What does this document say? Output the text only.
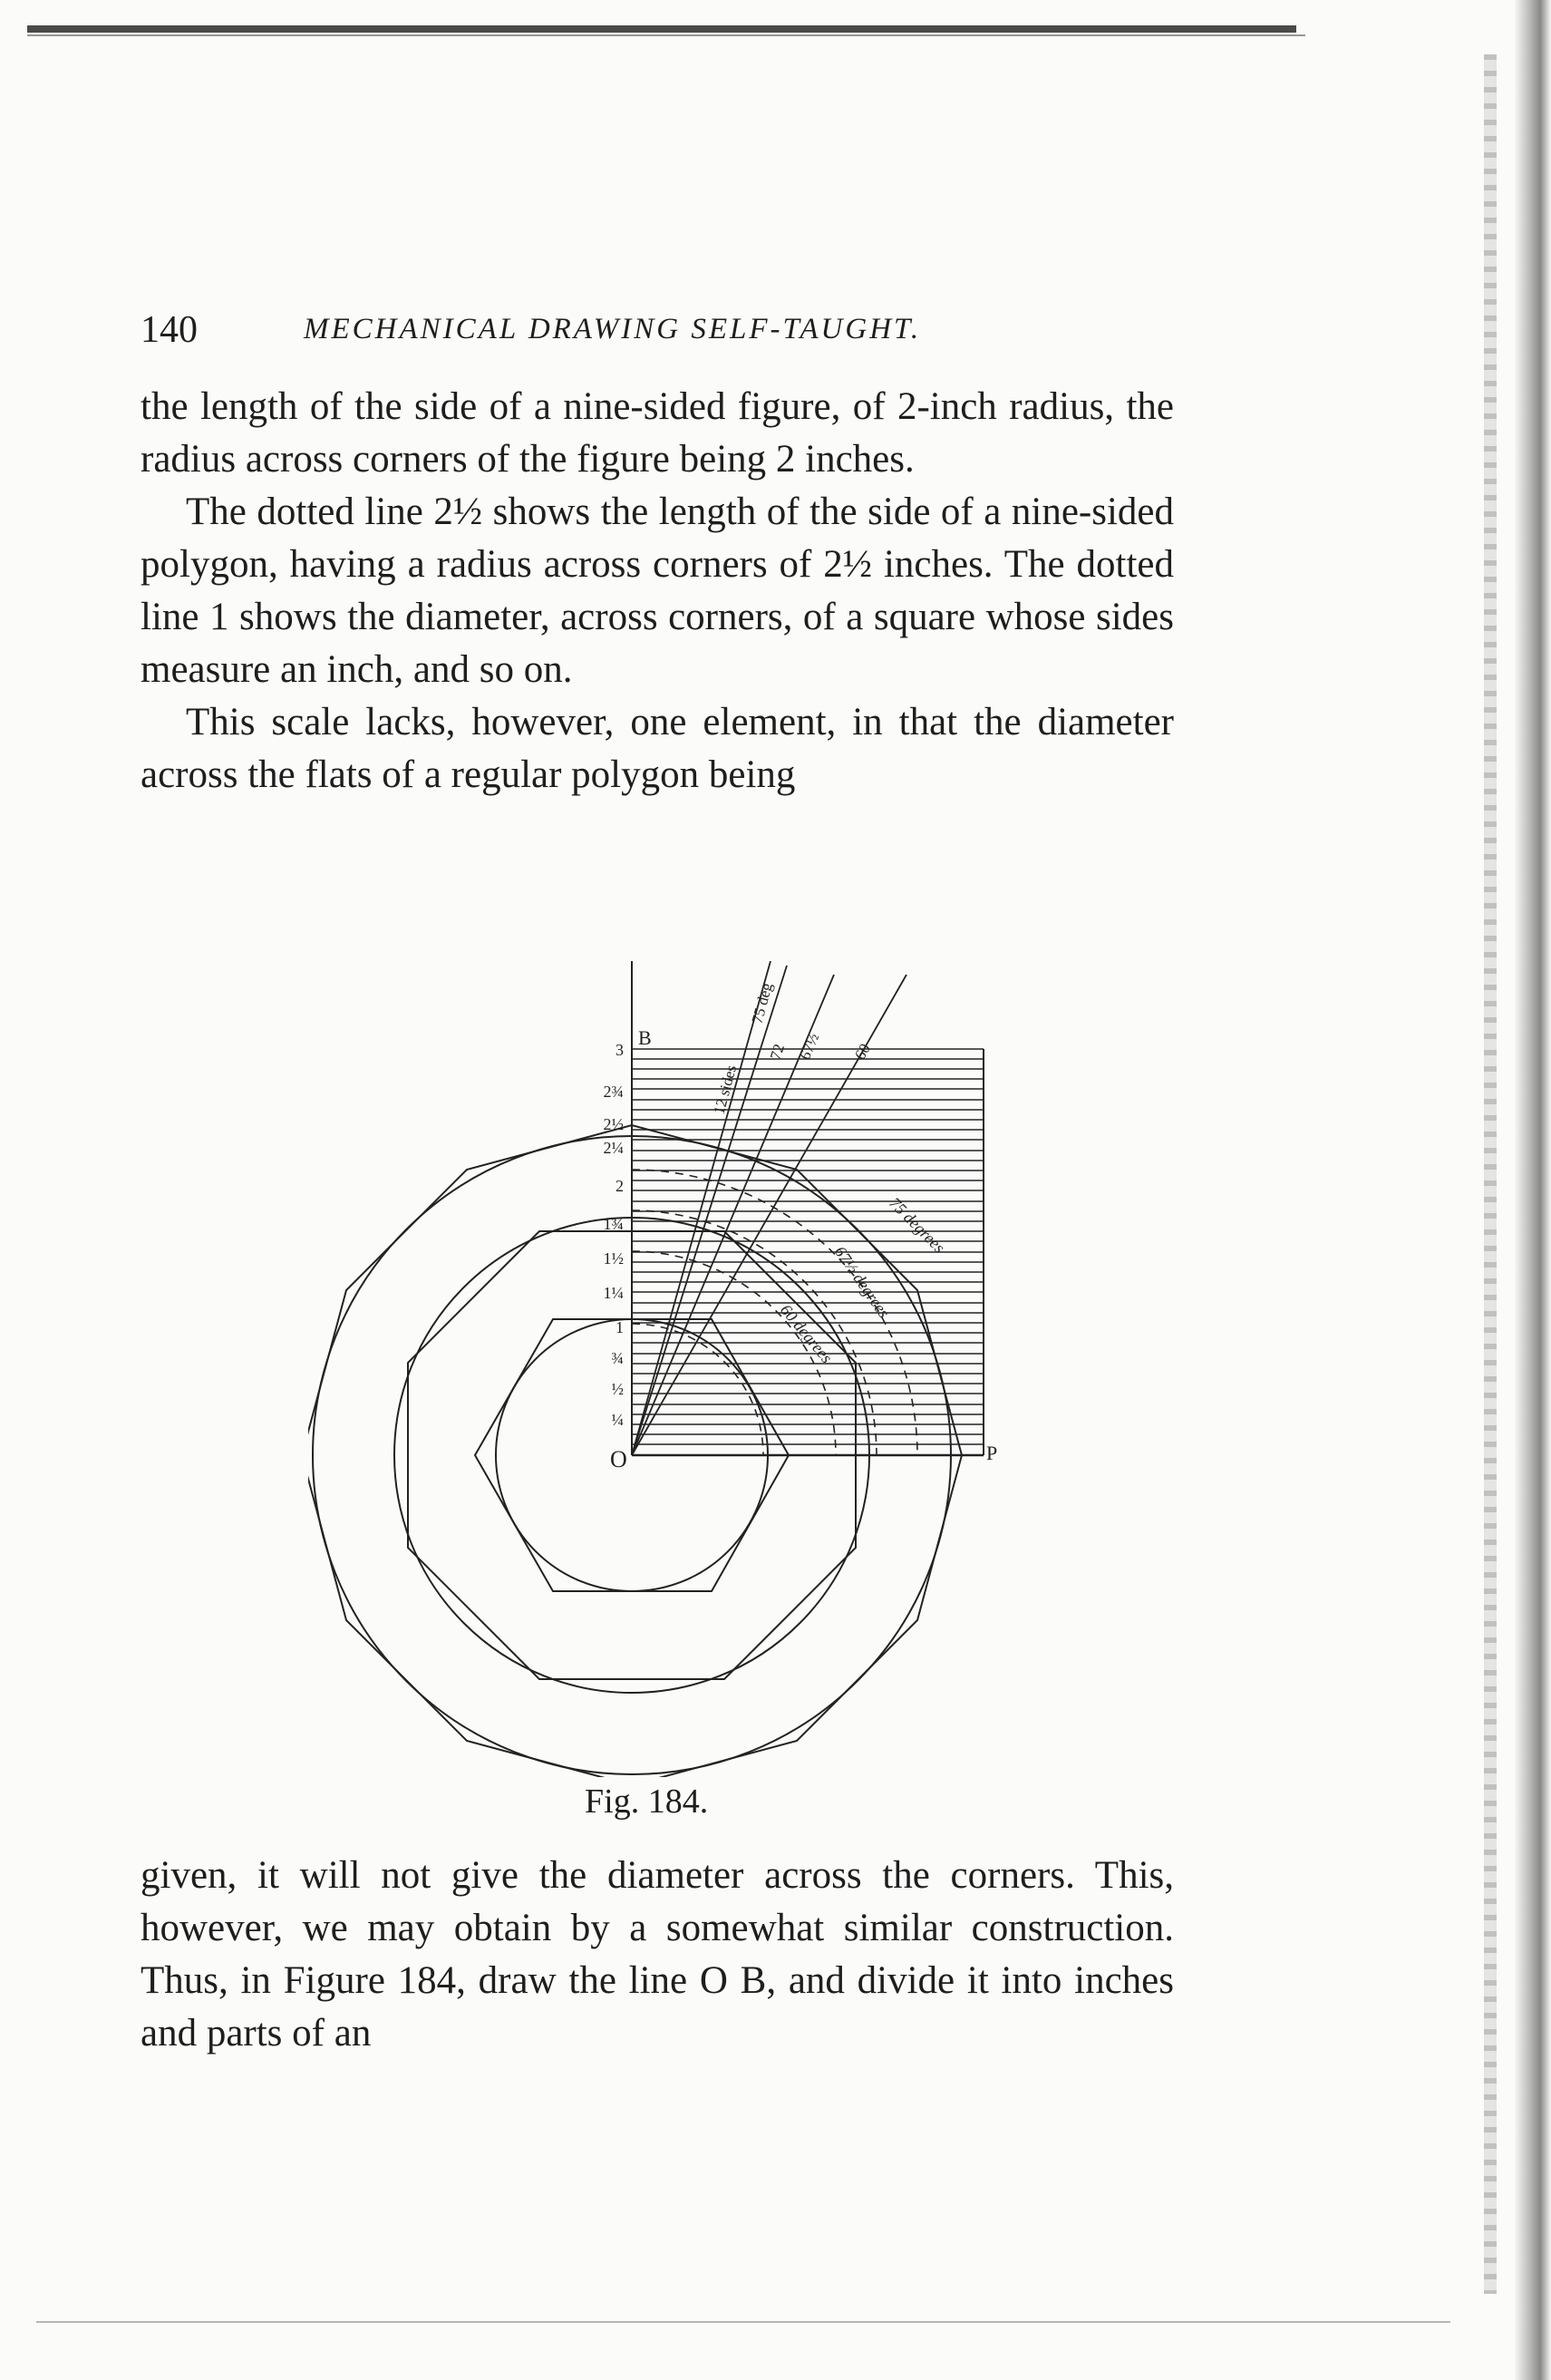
140	MECHANICAL DRAWING SELF-TAUGHT.

the length of the side of a nine-sided figure, of 2-inch radius, the radius across corners of the figure being 2 inches.

The dotted line 2½ shows the length of the side of a nine-sided polygon, having a radius across corners of 2½ inches. The dotted line 1 shows the diameter, across corners, of a square whose sides measure an inch, and so on.

This scale lacks, however, one element, in that the diameter across the flats of a regular polygon being

3
2¾
2½
2¼
2
1¾
1½
1¼
1
¾
½
¼
B
O	P
12 sides
75 deg
72 67½ 60
75 degrees
67½ degrees
60 degrees
Fig. 184.

given, it will not give the diameter across the corners. This, however, we may obtain by a somewhat similar construction. Thus, in Figure 184, draw the line O B, and divide it into inches and parts of an
